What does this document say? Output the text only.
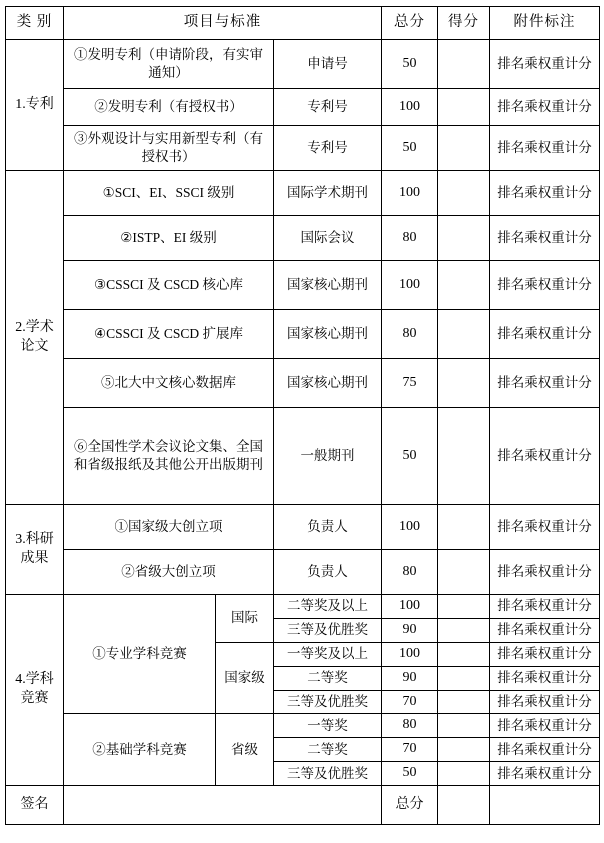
类 别	项目与标准			总分	得分	附件标注
1.专利	①发明专利（申请阶段，有实审通知）		申请号	50		排名乘权重计分
	②发明专利（有授权书）		专利号	100		排名乘权重计分
	③外观设计与实用新型专利（有授权书）		专利号	50		排名乘权重计分
2.学术论文	①SCI、EI、SSCI 级别		国际学术期刊	100		排名乘权重计分
	②ISTP、EI 级别		国际会议	80		排名乘权重计分
	③CSSCI 及 CSCD 核心库		国家核心期刊	100		排名乘权重计分
	④CSSCI 及 CSCD 扩展库		国家核心期刊	80		排名乘权重计分
	⑤北大中文核心数据库		国家核心期刊	75		排名乘权重计分
	⑥全国性学术会议论文集、全国和省级报纸及其他公开出版期刊		一般期刊	50		排名乘权重计分
3.科研成果	①国家级大创立项		负责人	100		排名乘权重计分
	②省级大创立项		负责人	80		排名乘权重计分
4.学科竞赛	①专业学科竞赛	国际	二等奖及以上	100		排名乘权重计分
			三等及优胜奖	90		排名乘权重计分
		国家级	一等奖及以上	100		排名乘权重计分
			二等奖	90		排名乘权重计分
			三等及优胜奖	70		排名乘权重计分
	②基础学科竞赛	省级	一等奖	80		排名乘权重计分
			二等奖	70		排名乘权重计分
			三等及优胜奖	50		排名乘权重计分
签名				总分		
